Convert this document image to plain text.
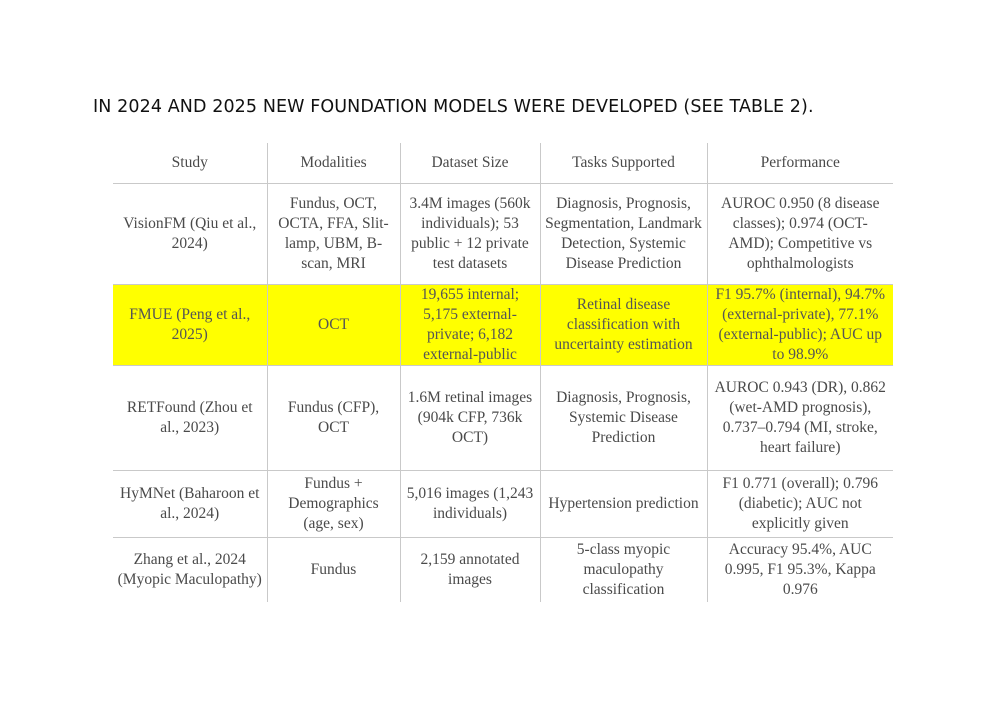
IN 2024 AND 2025 NEW FOUNDATION MODELS WERE DEVELOPED (SEE TABLE 2).
Study	Modalities	Dataset Size	Tasks Supported	Performance
VisionFM (Qiu et al., 2024)	Fundus, OCT, OCTA, FFA, Slit-lamp, UBM, B-scan, MRI	3.4M images (560k individuals); 53 public + 12 private test datasets	Diagnosis, Prognosis, Segmentation, Landmark Detection, Systemic Disease Prediction	AUROC 0.950 (8 disease classes); 0.974 (OCT-AMD); Competitive vs ophthalmologists
FMUE (Peng et al., 2025)	OCT	19,655 internal; 5,175 external-private; 6,182 external-public	Retinal disease classification with uncertainty estimation	F1 95.7% (internal), 94.7% (external-private), 77.1% (external-public); AUC up to 98.9%
RETFound (Zhou et al., 2023)	Fundus (CFP), OCT	1.6M retinal images (904k CFP, 736k OCT)	Diagnosis, Prognosis, Systemic Disease Prediction	AUROC 0.943 (DR), 0.862 (wet-AMD prognosis), 0.737–0.794 (MI, stroke, heart failure)
HyMNet (Baharoon et al., 2024)	Fundus + Demographics (age, sex)	5,016 images (1,243 individuals)	Hypertension prediction	F1 0.771 (overall); 0.796 (diabetic); AUC not explicitly given
Zhang et al., 2024 (Myopic Maculopathy)	Fundus	2,159 annotated images	5-class myopic maculopathy classification	Accuracy 95.4%, AUC 0.995, F1 95.3%, Kappa 0.976
